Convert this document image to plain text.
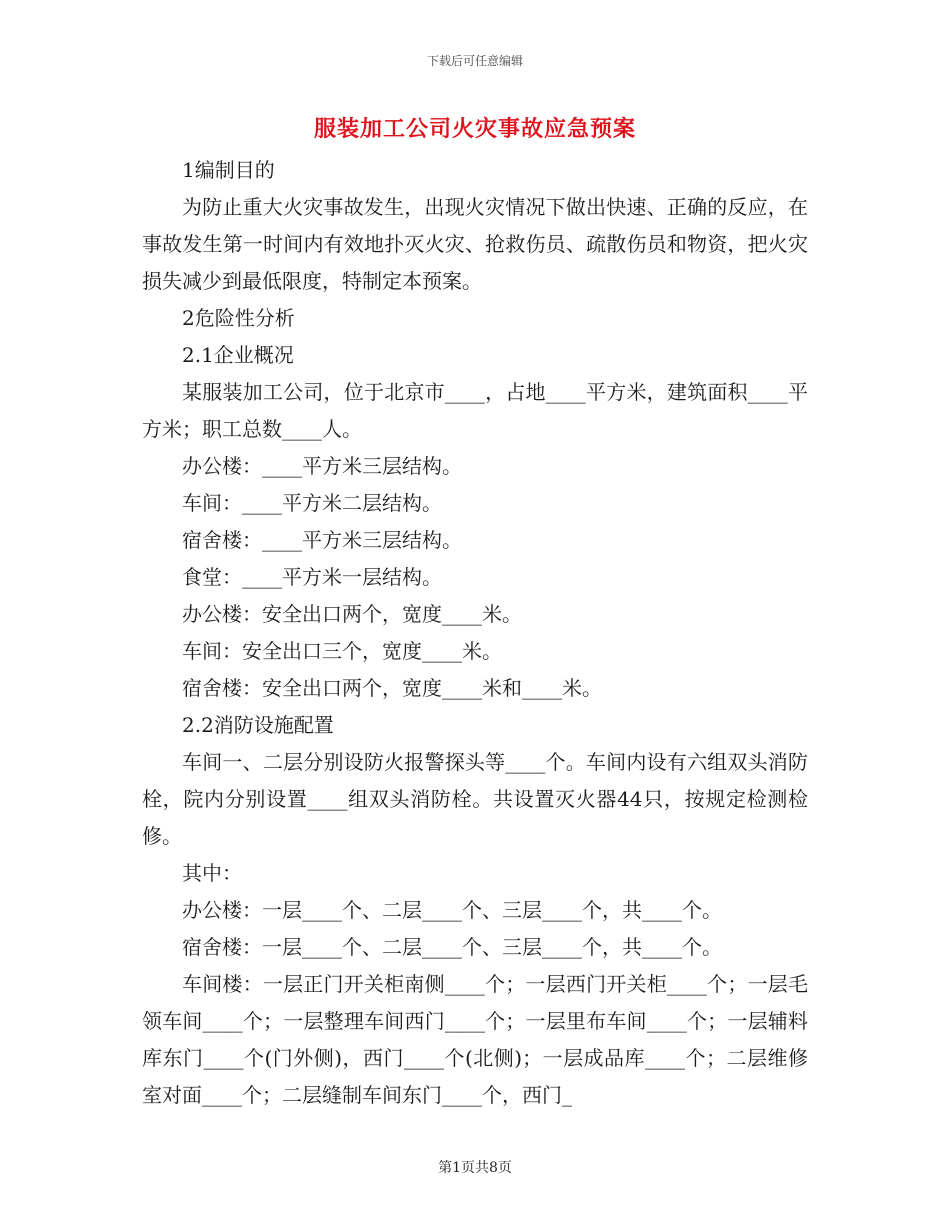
下载后可任意编辑
服装加工公司火灾事故应急预案

1编制目的

为防止重大火灾事故发生，出现火灾情况下做出快速、正确的反应，在事故发生第一时间内有效地扑灭火灾、抢救伤员、疏散伤员和物资，把火灾损失减少到最低限度，特制定本预案。

2危险性分析

2.1企业概况

某服装加工公司，位于北京市____，占地____平方米，建筑面积____平方米；职工总数____人。

办公楼：____平方米三层结构。

车间：____平方米二层结构。

宿舍楼：____平方米三层结构。

食堂：____平方米一层结构。

办公楼：安全出口两个，宽度____米。

车间：安全出口三个，宽度____米。

宿舍楼：安全出口两个，宽度____米和____米。

2.2消防设施配置

车间一、二层分别设防火报警探头等____个。车间内设有六组双头消防栓，院内分别设置____组双头消防栓。共设置灭火器44只，按规定检测检修。

其中：

办公楼：一层____个、二层____个、三层____个，共____个。

宿舍楼：一层____个、二层____个、三层____个，共____个。

车间楼：一层正门开关柜南侧____个；一层西门开关柜____个；一层毛领车间____个；一层整理车间西门____个；一层里布车间____个；一层辅料库东门____个(门外侧)，西门____个(北侧)；一层成品库____个；二层维修室对面____个；二层缝制车间东门____个，西门_

第1页共8页
